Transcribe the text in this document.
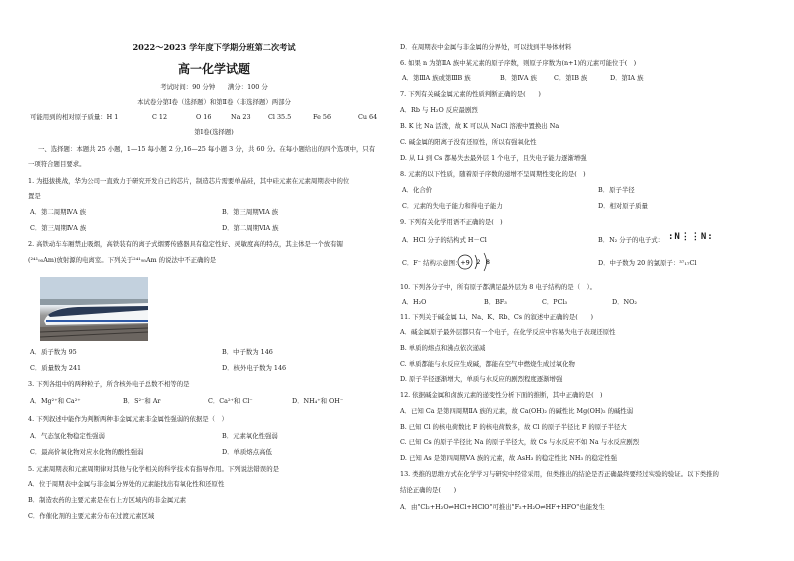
2022～2023 学年度下学期分班第二次考试
高一化学试题
考试时间：90 分钟　　满分：100 分
本试卷分第Ⅰ卷（选择题）和第Ⅱ卷（非选择题）两部分
可能用到的相对原子质量：H 1	C 12	O 16	Na 23	Cl 35.5	Fe 56	Cu 64
第Ⅰ卷(选择题)
一、选择题：本题共 25 小题，1—15 每小题 2 分,16—25 每小题 3 分，共 60 分。在每小题给出的四个选项中，只有
一项符合题目要求。
1. 为挺拔挑战，华为公司一直致力于研究开发自己的芯片，制造芯片需要单晶硅，其中硅元素在元素周期表中的位
置是
A．第二周期ⅣA 族	B．第三周期ⅥA 族
C．第三周期ⅣA 族	D．第二周期ⅥA 族
2. 高铁动车车厢禁止吸烟，高铁装有的离子式烟雾传感器具有稳定性好、灵敏度高的特点，其主体是一个放有镅
(²⁴¹₉₅Am)放射源的电离室。下列关于²⁴¹₉₅Am 的说法中不正确的是
A．质子数为 95	B．中子数为 146
C．质量数为 241	D．核外电子数为 146
3. 下列各组中的两种粒子，所含核外电子总数不相等的是
A．Mg²⁺和 Ca²⁺	B．S²⁻和 Ar	C．Ca²⁺和 Cl⁻	D．NH₄⁺和 OH⁻
4. 下列叙述中能作为判断两种非金属元素非金属性强弱的依据是（　）
A．气态氢化物稳定性强弱	B．元素氧化性强弱
C．最高价氧化物对应水化物的酸性强弱	D．单质熔点高低
5. 元素周期表和元素周期律对其他与化学相关的科学技术有指导作用。下列说法错误的是
A．位于周期表中金属与非金属分界处的元素能找出有氧化性和还原性
B．制造农药的主要元素是在右上方区域内的非金属元素
C．作催化剂的主要元素分布在过渡元素区域
D．在周期表中金属与非金属的分界处，可以找到半导体材料
6. 如果 n 为第ⅡA 族中某元素的原子序数，则原子序数为(n+1)的元素可能位于(　)
A．第ⅢA 族或第ⅢB 族	B．第ⅣA 族	C．第ⅠB 族	D．第ⅠA 族
7. 下列有关碱金属元素的性质判断正确的是(　　)
A．Rb 与 H₂O 反应最剧烈
B. K 比 Na 活泼，故 K 可以从 NaCl 溶液中置换出 Na
C. 碱金属的阳离子没有还原性，所以有强氧化性
D. 从 Li 到 Cs 都易失去最外层 1 个电子，且失电子能力逐渐增强
8. 元素的以下性质，随着原子序数的递增不呈周期性变化的是(　)
A．化合价	B．原子半径
C．元素的失电子能力和得电子能力	D．相对原子质量
9. 下列有关化学用语不正确的是(　)
A．HCl 分子的结构式 H－Cl	B．N₂ 分子的电子式： :N⋮⋮N:
C．F⁻ 结构示意图：
+9 2 8	D．中子数为 20 的氯原子：³⁷₁₇Cl
10. 下列各分子中，所有原子都满足最外层为 8 电子结构的是（　）。
A．H₂O	B．BF₃	C．PCl₃	D．NO₂
11. 下列关于碱金属 Li、Na、K、Rb、Cs 的叙述中正确的是(　　)
A．碱金属原子最外层都只有一个电子，在化学反应中容易失电子表现还原性
B. 单质的熔点和沸点依次递减
C. 单质都能与水反应生成碱，都能在空气中燃烧生成过氧化物
D. 原子半径逐渐增大，单质与水反应的剧烈程度逐渐增强
12. 依据碱金属和卤族元素的递变性分析下面的推断，其中正确的是(　)
A．已知 Ca 是第四周期ⅡA 族的元素，故 Ca(OH)₂ 的碱性比 Mg(OH)₂ 的碱性弱
B. 已知 Cl 的核电荷数比 F 的核电荷数多，故 Cl 的原子半径比 F 的原子半径大
C. 已知 Cs 的原子半径比 Na 的原子半径大，故 Cs 与水反应不如 Na 与水反应剧烈
D. 已知 As 是第四周期ⅤA 族的元素，故 AsH₃ 的稳定性比 NH₃ 的稳定性强
13. 类推的思维方式在化学学习与研究中经常采用，但类推出的结论是否正确最终要经过实验的验证。以下类推的
结论正确的是(　　)
A．由"Cl₂+H₂O⇌HCl+HClO"可推出"F₂+H₂O⇌HF+HFO"也能发生
